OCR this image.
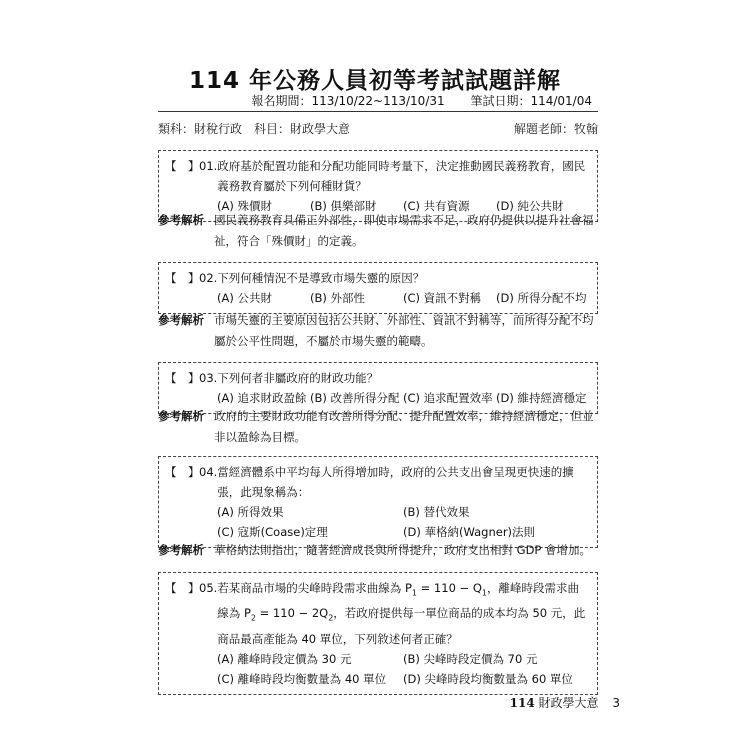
114 年公務人員初等考試試題詳解
報名期間：113/10/22~113/10/31 筆試日期：114/01/04
類科：財稅行政　科目：財政學大意	解題老師：牧翰
【　】01. 政府基於配置功能和分配功能同時考量下，決定推動國民義務教育，國民義務教育屬於下列何種財貨？
(A) 殊價財	(B) 俱樂部財	(C) 共有資源	(D) 純公共財
參考解析 國民義務教育具備正外部性，即使市場需求不足，政府仍提供以提升社會福祉，符合「殊價財」的定義。
【　】02. 下列何種情況不是導致市場失靈的原因？
(A) 公共財	(B) 外部性	(C) 資訊不對稱	(D) 所得分配不均
參考解析 市場失靈的主要原因包括公共財、外部性、資訊不對稱等，而所得分配不均屬於公平性問題，不屬於市場失靈的範疇。
【　】03. 下列何者非屬政府的財政功能？
(A) 追求財政盈餘 (B) 改善所得分配 (C) 追求配置效率 (D) 維持經濟穩定
參考解析 政府的主要財政功能有改善所得分配、提升配置效率，維持經濟穩定，但並非以盈餘為目標。
【　】04. 當經濟體系中平均每人所得增加時，政府的公共支出會呈現更快速的擴張，此現象稱為：
(A) 所得效果	(B) 替代效果
(C) 寇斯(Coase)定理	(D) 華格納(Wagner)法則
參考解析 華格納法則指出，隨著經濟成長與所得提升，政府支出相對 GDP 會增加。
【　】05. 若某商品市場的尖峰時段需求曲線為 $P_1 = 110 - Q_1$，離峰時段需求曲線為 $P_2 = 110 - 2Q_2$，若政府提供每一單位商品的成本均為 50 元，此商品最高產能為 40 單位，下列敘述何者正確？
(A) 離峰時段定價為 30 元	(B) 尖峰時段定價為 70 元
(C) 離峰時段均衡數量為 40 單位	(D) 尖峰時段均衡數量為 60 單位
114 財政學大意 3
